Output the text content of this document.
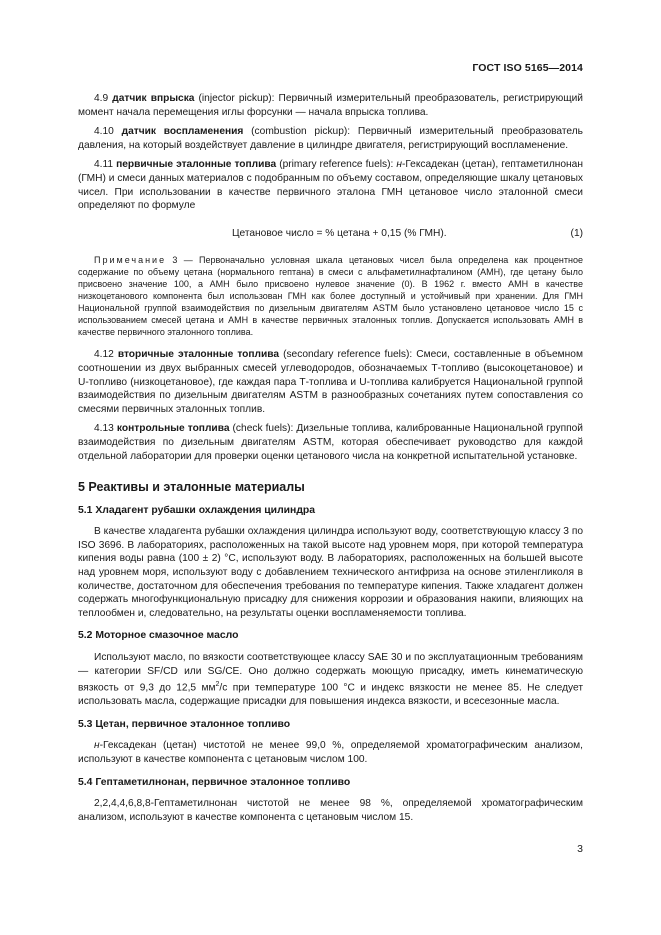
ГОСТ ISO 5165—2014

4.9 датчик впрыска (injector pickup): Первичный измерительный преобразователь, регистрирующий момент начала перемещения иглы форсунки — начала впрыска топлива.

4.10 датчик воспламенения (combustion pickup): Первичный измерительный преобразователь давления, на который воздействует давление в цилиндре двигателя, регистрирующий воспламенение.

4.11 первичные эталонные топлива (primary reference fuels): н-Гексадекан (цетан), гептаметилнонан (ГМН) и смеси данных материалов с подобранным по объему составом, определяющие шкалу цетановых чисел. При использовании в качестве первичного эталона ГМН цетановое число эталонной смеси определяют по формуле

Цетановое число = % цетана + 0,15 (% ГМН).	(1)

Примечание 3 — Первоначально условная шкала цетановых чисел была определена как процентное содержание по объему цетана (нормального гептана) в смеси с альфаметилнафталином (АМН), где цетану было присвоено значение 100, а АМН было присвоено нулевое значение (0). В 1962 г. вместо АМН в качестве низкоцетанового компонента был использован ГМН как более доступный и устойчивый при хранении. Для ГМН Национальной группой взаимодействия по дизельным двигателям ASTM было установлено цетановое число 15 с использованием смесей цетана и АМН в качестве первичных эталонных топлив. Допускается использовать АМН в качестве первичного эталонного топлива.

4.12 вторичные эталонные топлива (secondary reference fuels): Смеси, составленные в объемном соотношении из двух выбранных смесей углеводородов, обозначаемых Т-топливо (высокоцетановое) и U-топливо (низкоцетановое), где каждая пара Т-топлива и U-топлива калибруется Национальной группой взаимодействия по дизельным двигателям ASTM в разнообразных сочетаниях путем сопоставления со смесями первичных эталонных топлив.

4.13 контрольные топлива (check fuels): Дизельные топлива, калиброванные Национальной группой взаимодействия по дизельным двигателям ASTM, которая обеспечивает руководство для каждой отдельной лаборатории для проверки оценки цетанового числа на конкретной испытательной установке.

5 Реактивы и эталонные материалы
5.1 Хладагент рубашки охлаждения цилиндра

В качестве хладагента рубашки охлаждения цилиндра используют воду, соответствующую классу 3 по ISO 3696. В лабораториях, расположенных на такой высоте над уровнем моря, при которой температура кипения воды равна (100 ± 2) °С, используют воду. В лабораториях, расположенных на большей высоте над уровнем моря, используют воду с добавлением технического антифриза на основе этиленгликоля в количестве, достаточном для обеспечения требования по температуре кипения. Также хладагент должен содержать многофункциональную присадку для снижения коррозии и образования накипи, влияющих на теплообмен и, следовательно, на результаты оценки воспламеняемости топлива.

5.2 Моторное смазочное масло

Используют масло, по вязкости соответствующее классу SAE 30 и по эксплуатационным требованиям — категории SF/CD или SG/CE. Оно должно содержать моющую присадку, иметь кинематическую вязкость от 9,3 до 12,5 $мм^2/с$ при температуре 100 °С и индекс вязкости не менее 85. Не следует использовать масла, содержащие присадки для повышения индекса вязкости, и всесезонные масла.

5.3 Цетан, первичное эталонное топливо

н-Гексадекан (цетан) чистотой не менее 99,0 %, определяемой хроматографическим анализом, используют в качестве компонента с цетановым числом 100.

5.4 Гептаметилнонан, первичное эталонное топливо

2,2,4,4,6,8,8-Гептаметилнонан чистотой не менее 98 %, определяемой хроматографическим анализом, используют в качестве компонента с цетановым числом 15.

3
